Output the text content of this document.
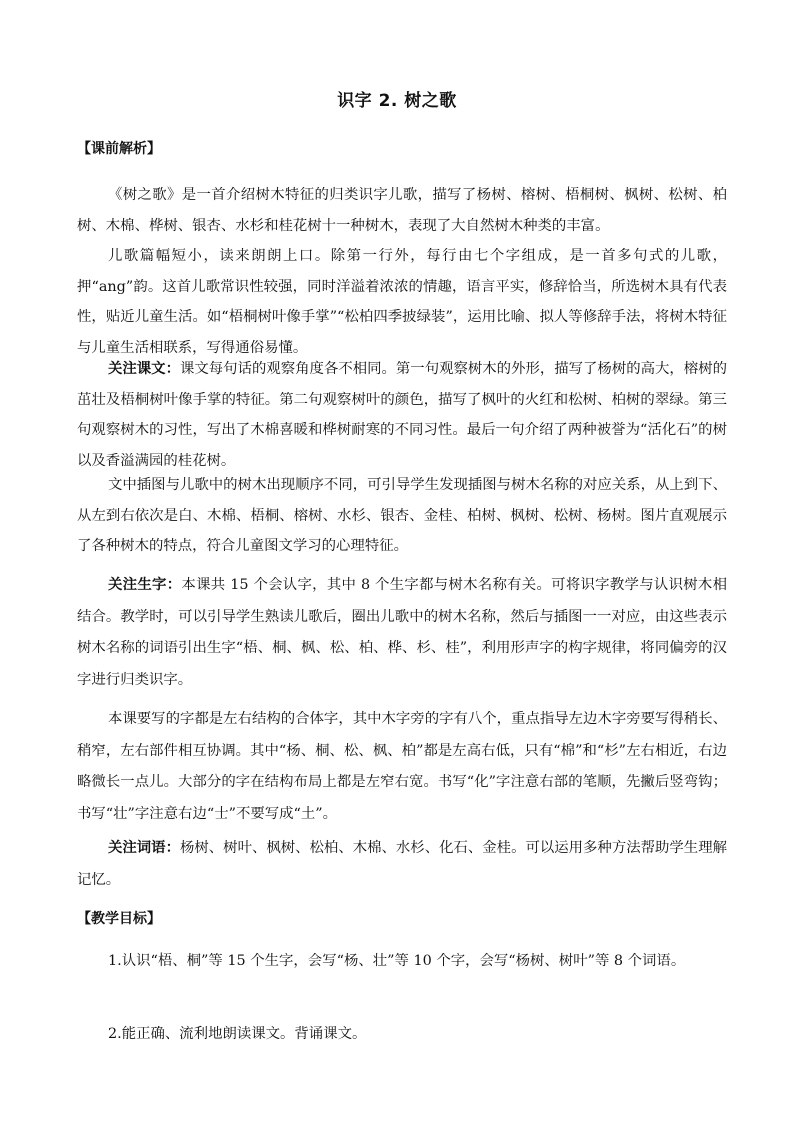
识字 2. 树之歌
【课前解析】

《树之歌》是一首介绍树木特征的归类识字儿歌，描写了杨树、榕树、梧桐树、枫树、松树、柏树、木棉、桦树、银杏、水杉和桂花树十一种树木，表现了大自然树木种类的丰富。

儿歌篇幅短小，读来朗朗上口。除第一行外，每行由七个字组成，是一首多句式的儿歌，押“ang”韵。这首儿歌常识性较强，同时洋溢着浓浓的情趣，语言平实，修辞恰当，所选树木具有代表性，贴近儿童生活。如“梧桐树叶像手掌”“松柏四季披绿装”，运用比喻、拟人等修辞手法，将树木特征与儿童生活相联系，写得通俗易懂。

关注课文：课文每句话的观察角度各不相同。第一句观察树木的外形，描写了杨树的高大，榕树的茁壮及梧桐树叶像手掌的特征。第二句观察树叶的颜色，描写了枫叶的火红和松树、柏树的翠绿。第三句观察树木的习性，写出了木棉喜暖和桦树耐寒的不同习性。最后一句介绍了两种被誉为“活化石”的树以及香溢满园的桂花树。

文中插图与儿歌中的树木出现顺序不同，可引导学生发现插图与树木名称的对应关系，从上到下、从左到右依次是白、木棉、梧桐、榕树、水杉、银杏、金桂、柏树、枫树、松树、杨树。图片直观展示了各种树木的特点，符合儿童图文学习的心理特征。

关注生字：本课共 15 个会认字，其中 8 个生字都与树木名称有关。可将识字教学与认识树木相结合。教学时，可以引导学生熟读儿歌后，圈出儿歌中的树木名称，然后与插图一一对应，由这些表示树木名称的词语引出生字“梧、桐、枫、松、柏、桦、杉、桂”，利用形声字的构字规律，将同偏旁的汉字进行归类识字。

本课要写的字都是左右结构的合体字，其中木字旁的字有八个，重点指导左边木字旁要写得稍长、稍窄，左右部件相互协调。其中“杨、桐、松、枫、柏”都是左高右低，只有“棉”和“杉”左右相近，右边略微长一点儿。大部分的字在结构布局上都是左窄右宽。书写“化”字注意右部的笔顺，先撇后竖弯钩；书写“壮”字注意右边“士”不要写成“土”。

关注词语：杨树、树叶、枫树、松柏、木棉、水杉、化石、金桂。可以运用多种方法帮助学生理解记忆。

【教学目标】

1.认识“梧、桐”等 15 个生字，会写“杨、壮”等 10 个字，会写“杨树、树叶”等 8 个词语。

2.能正确、流利地朗读课文。背诵课文。
